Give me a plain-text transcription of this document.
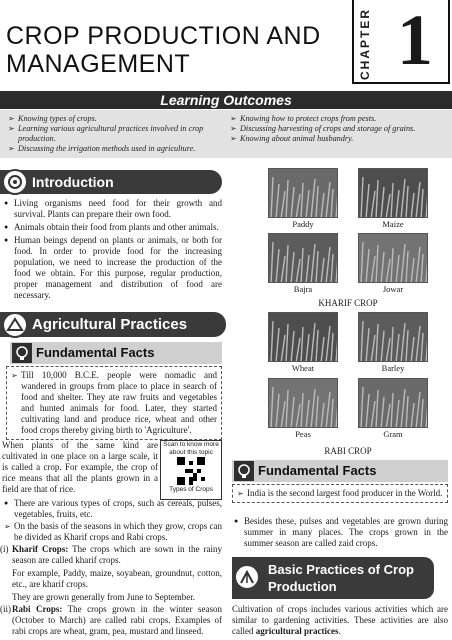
CROP PRODUCTION AND
MANAGEMENT	CHAPTER 1
Learning Outcomes
➢ Knowing types of crops.
➢ Learning various agricultural practices involved in crop production.
➢ Discussing the irrigation methods used in agriculture.
➢ Knowing how to protect crops from pests.
➢ Discussing harvesting of crops and storage of grains.
➢ Knowing about animal husbandry.
Introduction

● Living organisms need food for their growth and survival. Plants can prepare their own food.

● Animals obtain their food from plants and other animals.

● Human beings depend on plants or animals, or both for food. In order to provide food for the increasing population, we need to increase the production of the food we obtain. For this purpose, regular production, proper management and distribution of food are necessary.

Agricultural Practices
Fundamental Facts

➢ Till 10,000 B.C.E. people were nomadic and wandered in groups from place to place in search of food and shelter. They ate raw fruits and vegetables and hunted animals for food. Later, they started cultivating land and produce rice, wheat and other food crops thereby giving birth to 'Agriculture'.

When plants of the same kind are cultivated in one place on a large scale, it is called a crop. For example, the crop of rice means that all the plants grown in a field are that of rice.

Scan to know more about this topic
Types of Crops

● There are various types of crops, such as cereals, pulses, vegetables, fruits, etc.

➢ On the basis of the seasons in which they grow, crops can be divided as Kharif crops and Rabi crops.

(i) Kharif Crops: The crops which are sown in the rainy season are called kharif crops.

For example, Paddy, maize, soyabean, groundnut, cotton, etc., are kharif crops.

They are grown generally from June to September.

(ii) Rabi Crops: The crops grown in the winter season (October to March) are called rabi crops. Examples of rabi crops are wheat, gram, pea, mustard and linseed.

Paddy	Maize
Bajra	Jowar
Wheat	Barley
Peas	Gram
KHARIF CROP
RABI CROP
Fundamental Facts

➢ India is the second largest food producer in the World.

● Besides these, pulses and vegetables are grown during summer in many places. The crops grown in the summer season are called zaid crops.

Basic Practices of Crop Production

Cultivation of crops includes various activities which are similar to gardening activities. These activities are also called agricultural practices.
